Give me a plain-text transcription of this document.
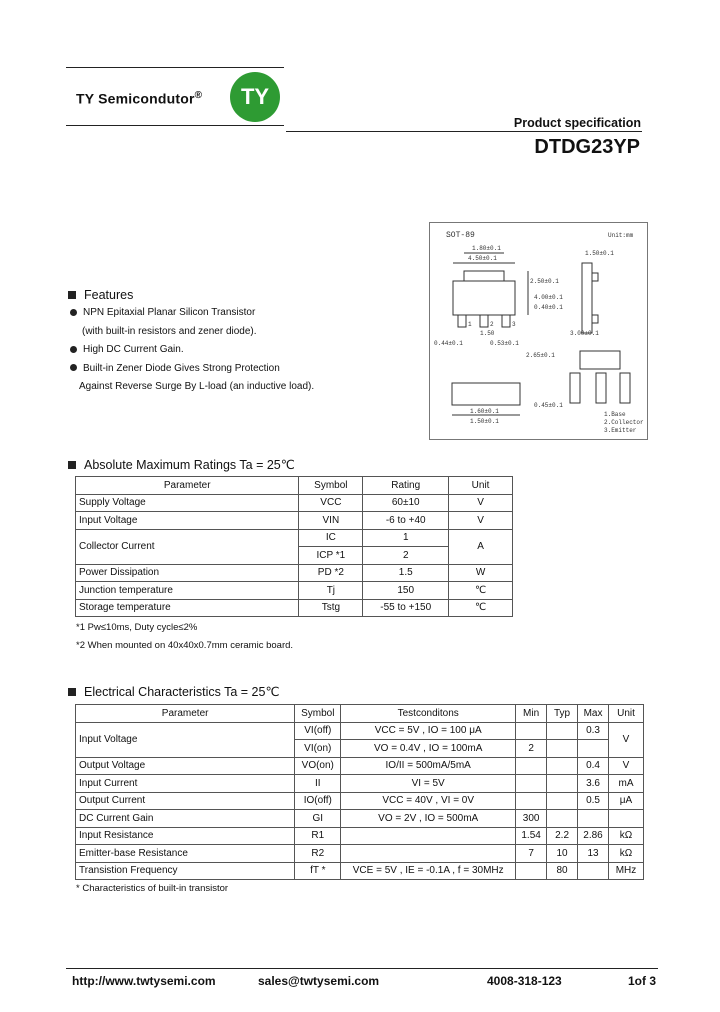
TY Semicondutor®	TY
Product specification
DTDG23YP
SOT-89	Unit:mm
4.50±0.1
1.80±0.1
1.50±0.1
2.50±0.1
4.00±0.1
0.40±0.1
1.50	3.00±0.1
0.44±0.1	0.53±0.1
2.65±0.1
0.45±0.1
1.60±0.1
1.50±0.1
1	2	3
1.Base
2.Collector
3.Emitter
Features
NPN Epitaxial Planar Silicon Transistor
(with built-in resistors and zener diode).
High DC Current Gain.
Built-in Zener Diode Gives Strong Protection
Against Reverse Surge By L-load (an inductive load).
Absolute Maximum Ratings Ta = 25℃
Parameter	Symbol	Rating	Unit
Supply Voltage	VCC	60±10	V
Input Voltage	VIN	-6 to +40	V
Collector Current	IC	1	A
	ICP *1	2	
Power Dissipation	PD *2	1.5	W
Junction temperature	Tj	150	℃
Storage temperature	Tstg	-55 to +150	℃
*1 Pw≤10ms, Duty cycle≤2%
*2 When mounted on 40x40x0.7mm ceramic board.
Electrical Characteristics Ta = 25℃
Parameter	Symbol	Testconditons	Min	Typ	Max	Unit
Input Voltage	VI(off)	VCC = 5V , IO = 100 μA			0.3	V
	VI(on)	VO = 0.4V , IO = 100mA	2			
Output Voltage	VO(on)	IO/II = 500mA/5mA			0.4	V
Input Current	II	VI = 5V			3.6	mA
Output Current	IO(off)	VCC = 40V , VI = 0V			0.5	μA
DC Current Gain	GI	VO = 2V , IO = 500mA	300			
Input Resistance	R1		1.54	2.2	2.86	kΩ
Emitter-base Resistance	R2		7	10	13	kΩ
Transistion Frequency	fT *	VCE = 5V , IE = -0.1A , f = 30MHz		80		MHz
* Characteristics of built-in transistor
http://www.twtysemi.com	sales@twtysemi.com	4008-318-123	1of 3
